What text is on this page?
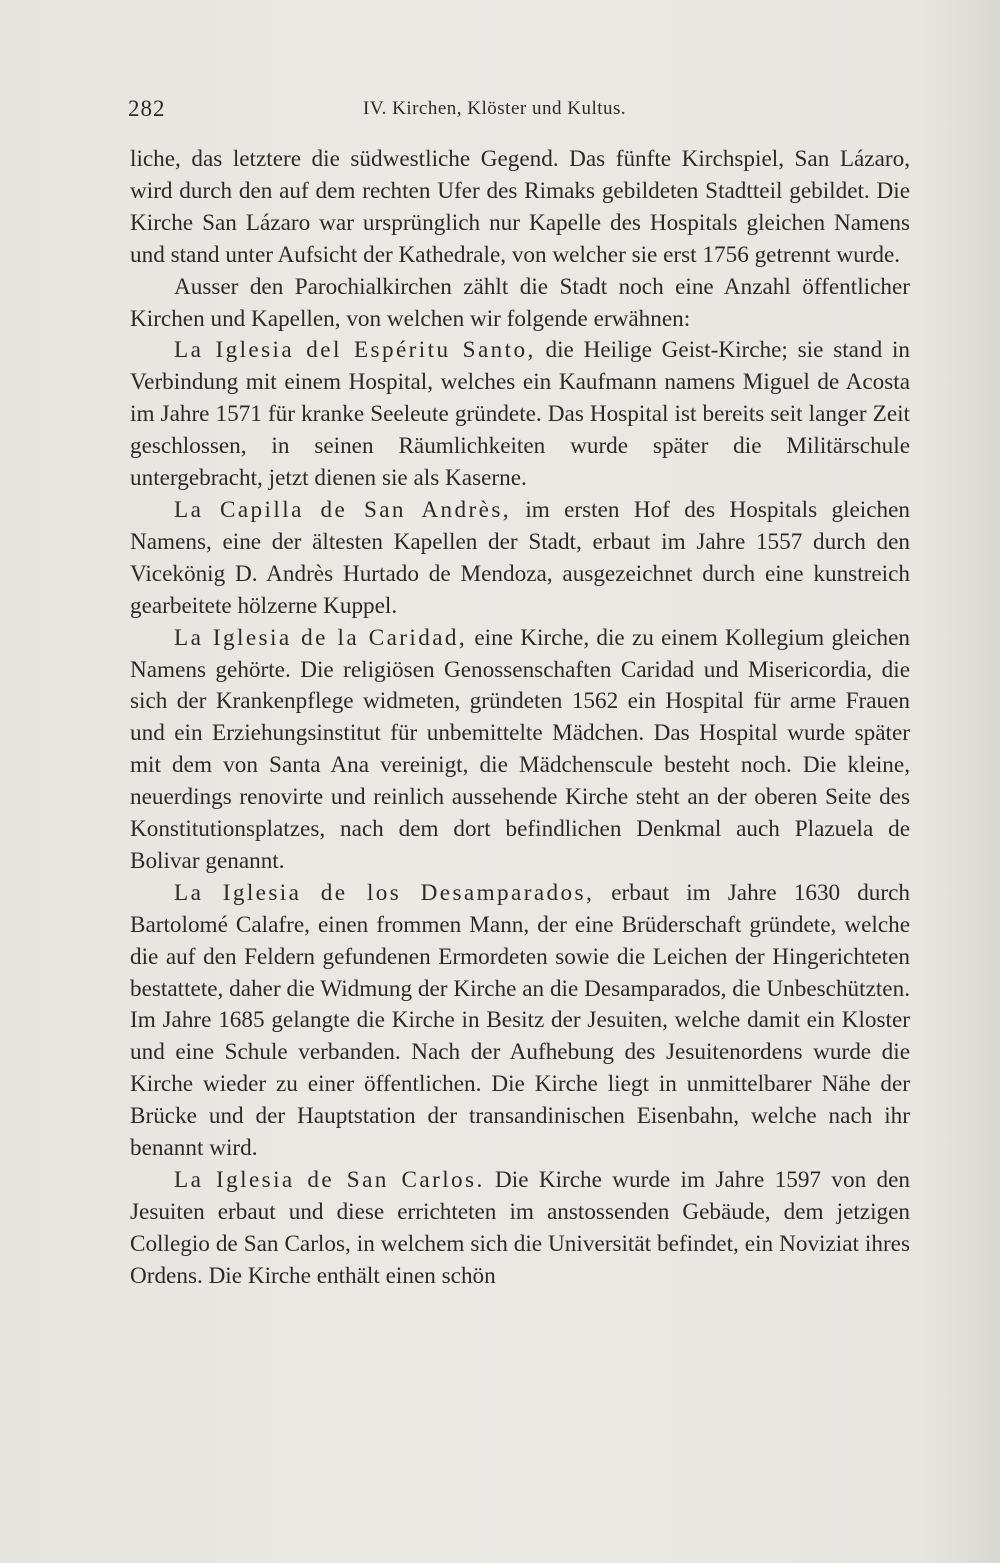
282	IV. Kirchen, Klöster und Kultus.

liche, das letztere die südwestliche Gegend. Das fünfte Kirchspiel, San Lázaro, wird durch den auf dem rechten Ufer des Rimaks gebildeten Stadtteil gebildet. Die Kirche San Lázaro war ursprünglich nur Kapelle des Hospitals gleichen Namens und stand unter Aufsicht der Kathedrale, von welcher sie erst 1756 getrennt wurde.

Ausser den Parochialkirchen zählt die Stadt noch eine Anzahl öffentlicher Kirchen und Kapellen, von welchen wir folgende erwähnen:

La Iglesia del Espéritu Santo, die Heilige Geist-Kirche; sie stand in Verbindung mit einem Hospital, welches ein Kaufmann namens Miguel de Acosta im Jahre 1571 für kranke Seeleute gründete. Das Hospital ist bereits seit langer Zeit geschlossen, in seinen Räumlichkeiten wurde später die Militärschule untergebracht, jetzt dienen sie als Kaserne.

La Capilla de San Andrès, im ersten Hof des Hospitals gleichen Namens, eine der ältesten Kapellen der Stadt, erbaut im Jahre 1557 durch den Vicekönig D. Andrès Hurtado de Mendoza, ausgezeichnet durch eine kunstreich gearbeitete hölzerne Kuppel.

La Iglesia de la Caridad, eine Kirche, die zu einem Kollegium gleichen Namens gehörte. Die religiösen Genossenschaften Caridad und Misericordia, die sich der Krankenpflege widmeten, gründeten 1562 ein Hospital für arme Frauen und ein Erziehungsinstitut für unbemittelte Mädchen. Das Hospital wurde später mit dem von Santa Ana vereinigt, die Mädchenscule besteht noch. Die kleine, neuerdings renovirte und reinlich aussehende Kirche steht an der oberen Seite des Konstitutionsplatzes, nach dem dort befindlichen Denkmal auch Plazuela de Bolivar genannt.

La Iglesia de los Desamparados, erbaut im Jahre 1630 durch Bartolomé Calafre, einen frommen Mann, der eine Brüderschaft gründete, welche die auf den Feldern gefundenen Ermordeten sowie die Leichen der Hingerichteten bestattete, daher die Widmung der Kirche an die Desamparados, die Unbeschützten. Im Jahre 1685 gelangte die Kirche in Besitz der Jesuiten, welche damit ein Kloster und eine Schule verbanden. Nach der Aufhebung des Jesuitenordens wurde die Kirche wieder zu einer öffentlichen. Die Kirche liegt in unmittelbarer Nähe der Brücke und der Hauptstation der transandinischen Eisenbahn, welche nach ihr benannt wird.

La Iglesia de San Carlos. Die Kirche wurde im Jahre 1597 von den Jesuiten erbaut und diese errichteten im anstossenden Gebäude, dem jetzigen Collegio de San Carlos, in welchem sich die Universität befindet, ein Noviziat ihres Ordens. Die Kirche enthält einen schön
